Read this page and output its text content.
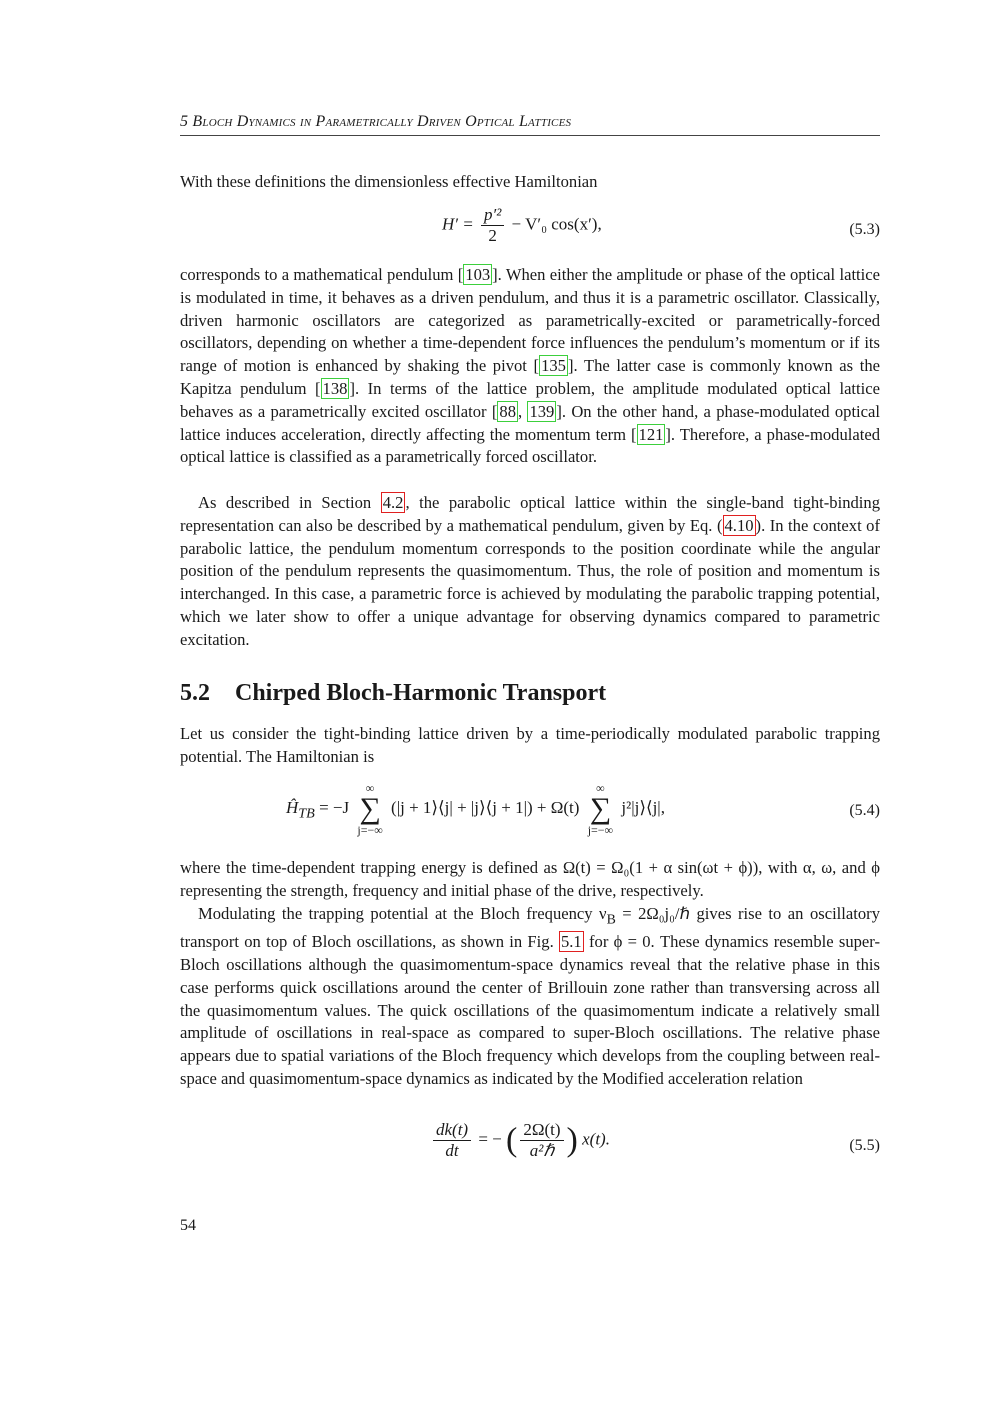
5 Bloch Dynamics in Parametrically Driven Optical Lattices
With these definitions the dimensionless effective Hamiltonian
$H' = \frac{\text{p′²}}{2} - V'_0$ cos(x′),	(5.3)
corresponds to a mathematical pendulum [ 103 ]. When either the amplitude or phase of the optical lattice is modulated in time, it behaves as a driven pendulum, and thus it is a parametric oscillator. Classically, driven harmonic oscillators are categorized as parametrically-excited or parametrically-forced oscillators, depending on whether a time-dependent force influences the pendulum’s momentum or if its range of motion is enhanced by shaking the pivot [ 135 ]. The latter case is commonly known as the Kapitza pendulum [ 138 ]. In terms of the lattice problem, the amplitude modulated optical lattice behaves as a parametrically excited oscillator [ 88 , 139 ]. On the other hand, a phase-modulated optical lattice induces acceleration, directly affecting the momentum term [ 121 ]. Therefore, a phase-modulated optical lattice is classified as a parametrically forced oscillator.
As described in Section 4.2 , the parabolic optical lattice within the single-band tight-binding representation can also be described by a mathematical pendulum, given by Eq. ( 4.10 ). In the context of parabolic lattice, the pendulum momentum corresponds to the position coordinate while the angular position of the pendulum represents the quasimomentum. Thus, the role of position and momentum is interchanged. In this case, a parametric force is achieved by modulating the parabolic trapping potential, which we later show to offer a unique advantage for observing dynamics compared to parametric excitation.
5.2 Chirped Bloch-Harmonic Transport
Let us consider the tight-binding lattice driven by a time-periodically modulated parabolic trapping potential. The Hamiltonian is
$Ĥ_{TB} = -J$
∞
∑
j=−∞
(|j + 1⟩⟨j| + |j⟩⟨j + 1|) + Ω(t)
∞
∑
j=−∞
j²|j⟩⟨j|,	(5.4)
where the time-dependent trapping energy is defined as Ω(t) = Ω₀(1 + α sin(ωt + ϕ)), with α, ω, and ϕ representing the strength, frequency and initial phase of the drive, respectively.
Modulating the trapping potential at the Bloch frequency $\nu_B$ = 2Ω₀j₀/ℏ gives rise to an oscillatory transport on top of Bloch oscillations, as shown in Fig. 5.1 for ϕ = 0. These dynamics resemble super-Bloch oscillations although the quasimomentum-space dynamics reveal that the relative phase in this case performs quick oscillations around the center of Brillouin zone rather than transversing across all the quasimomentum values. The quick oscillations of the quasimomentum indicate a relatively small amplitude of oscillations in real-space as compared to super-Bloch oscillations. The relative phase appears due to spatial variations of the Bloch frequency which develops from the coupling between real-space and quasimomentum-space dynamics as indicated by the Modified acceleration relation
$\frac{dk(t)}{dt}$ = − ( $\frac{2\Omega(t)}{\text{a²ℏ}}$ ) x(t).	(5.5)
54
